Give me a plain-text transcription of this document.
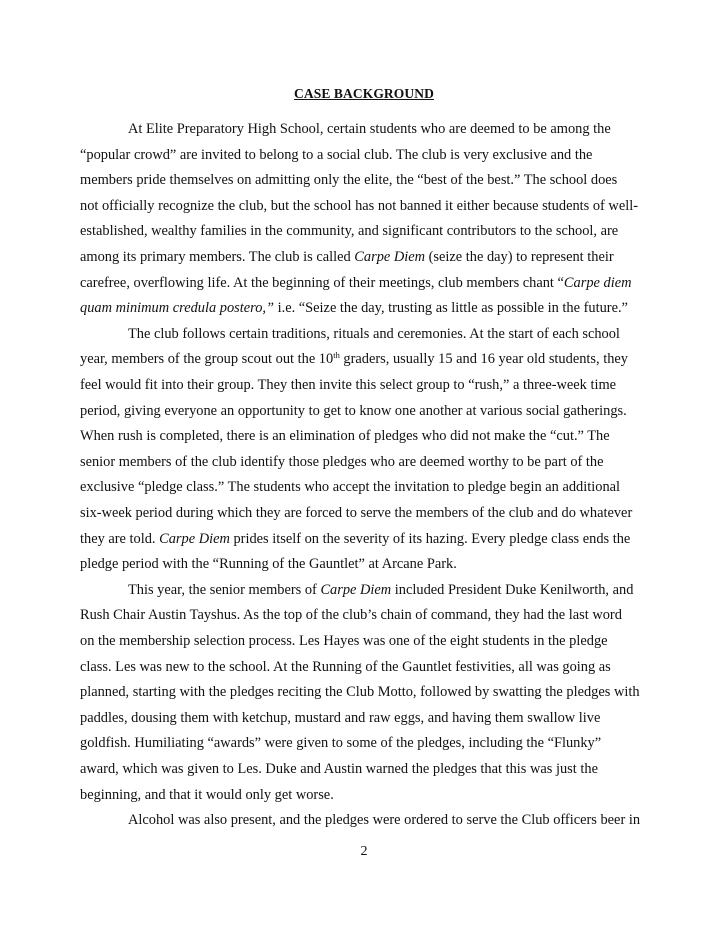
CASE BACKGROUND
At Elite Preparatory High School, certain students who are deemed to be among the
“popular crowd” are invited to belong to a social club. The club is very exclusive and the
members pride themselves on admitting only the elite, the “best of the best.” The school does
not officially recognize the club, but the school has not banned it either because students of well-
established, wealthy families in the community, and significant contributors to the school, are
among its primary members. The club is called Carpe Diem (seize the day) to represent their
carefree, overflowing life. At the beginning of their meetings, club members chant “Carpe diem
quam minimum credula postero,” i.e. “Seize the day, trusting as little as possible in the future.”
The club follows certain traditions, rituals and ceremonies. At the start of each school
year, members of the group scout out the 10th graders, usually 15 and 16 year old students, they
feel would fit into their group. They then invite this select group to “rush,” a three-week time
period, giving everyone an opportunity to get to know one another at various social gatherings.
When rush is completed, there is an elimination of pledges who did not make the “cut.” The
senior members of the club identify those pledges who are deemed worthy to be part of the
exclusive “pledge class.” The students who accept the invitation to pledge begin an additional
six-week period during which they are forced to serve the members of the club and do whatever
they are told. Carpe Diem prides itself on the severity of its hazing. Every pledge class ends the
pledge period with the “Running of the Gauntlet” at Arcane Park.
This year, the senior members of Carpe Diem included President Duke Kenilworth, and
Rush Chair Austin Tayshus. As the top of the club’s chain of command, they had the last word
on the membership selection process. Les Hayes was one of the eight students in the pledge
class. Les was new to the school. At the Running of the Gauntlet festivities, all was going as
planned, starting with the pledges reciting the Club Motto, followed by swatting the pledges with
paddles, dousing them with ketchup, mustard and raw eggs, and having them swallow live
goldfish. Humiliating “awards” were given to some of the pledges, including the “Flunky”
award, which was given to Les. Duke and Austin warned the pledges that this was just the
beginning, and that it would only get worse.
Alcohol was also present, and the pledges were ordered to serve the Club officers beer in
2
